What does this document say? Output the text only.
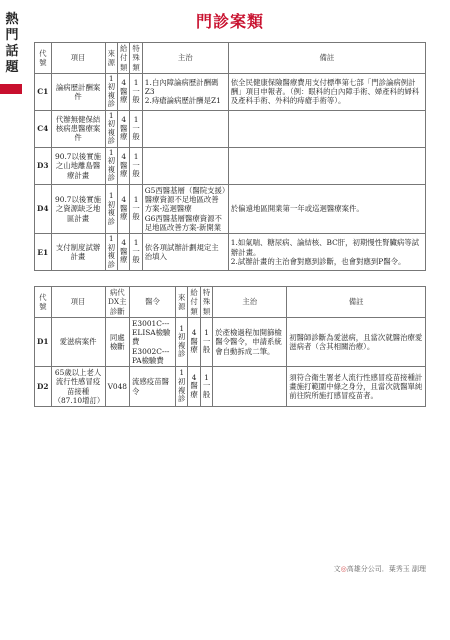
熱
門
話
題
門診案類
代號	項目	來源	給付類	特殊類	主治	備註
C1	論病歷計酬案件	1
初
複
診	4
醫
療	1
一
般	1.白內障論病歷計酬碼Z3
2.痔瘡論病歷計酬是Z1	依全民健康保險醫療費用支付標準第七部「門診論病例計酬」項目申報者。（例：眼科的白內障手術、婦產科的婦科及產科手術、外科的痔瘡手術等）。
C4	代辦無健保結核病患醫療案件	1
初
複
診	4
醫
療	1
一
般		

D3	90.7以後實施之山地離島醫療計畫	1
初
複
診	4
醫
療	1
一
般		

D4	90.7以後實施之資源缺乏地區計畫	1
初
複
診	4
醫
療	1
一
般	G5西醫基層（醫院支援）醫療資源不足地區改善方案-巡迴醫療
G6西醫基層醫療資源不足地區改善方案-新開業	於偏遠地區開業第一年或巡迴醫療案件。
E1	支付制度試辦計畫	1
初
複
診	4
醫
療	1
一
般	依各項試辦計劃規定主治填入	1.如氣喘、糖尿病、論結核、BC肝，初期慢性腎臟病等試辦計畫。
2.試辦計畫的主治會對應到診斷，也會對應到P醫令。
代號	項目	病代DX主診斷	醫令	來源	給付類	特殊類	主治	備註
D1	愛滋病案件	同處檢斷	E3001C---ELISA檢驗費
E3002C---PA檢驗費	1
初
複
診	4
醫
療	1
一
般	於產檢過程加開篩檢醫令醫令，申請系統會自動拆成二筆。	初醫師診斷為愛滋病，且當次就醫治療愛滋病者（含其相關治療）。
D2	65歲以上老人流行性感冒疫苗接種（87.10增訂）	V048	流感疫苗醫令	1
初
複
診	4
醫
療	1
一
般		須符合衛生署老人流行性感冒疫苗接種計畫施打範圍中條之身分，且當次就醫單純前往院所施打感冒疫苗者。
文◎高雄分公司．葉秀玉 副理
